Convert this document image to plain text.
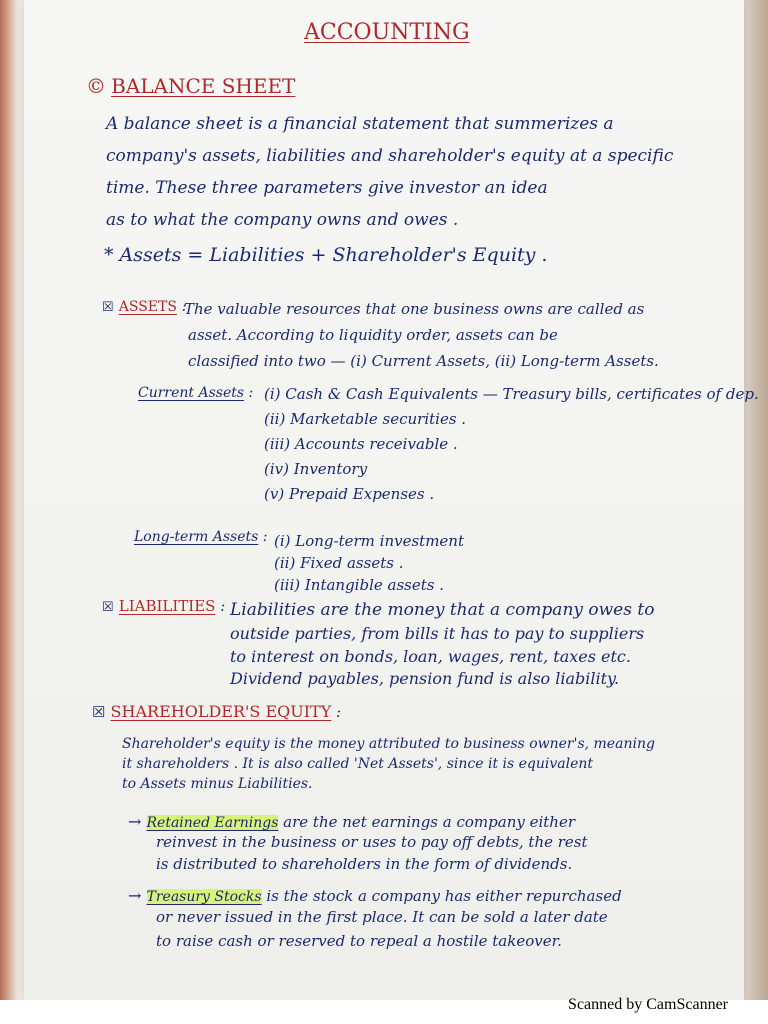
ACCOUNTING
© BALANCE SHEET
A balance sheet is a financial statement that summerizes a
company's assets, liabilities and shareholder's equity at a specific
time. These three parameters give investor an idea
as to what the company owns and owes .
* Assets = Liabilities + Shareholder's Equity .
☒ ASSETS :
The valuable resources that one business owns are called as
asset. According to liquidity order, assets can be
classified into two — (i) Current Assets, (ii) Long-term Assets.
Current Assets : (i) Cash & Cash Equivalents — Treasury bills, certificates of dep.
(ii) Marketable securities .
(iii) Accounts receivable .
(iv) Inventory
(v) Prepaid Expenses .
Long-term Assets : (i) Long-term investment
(ii) Fixed assets .
(iii) Intangible assets .
☒ LIABILITIES : Liabilities are the money that a company owes to
outside parties, from bills it has to pay to suppliers
to interest on bonds, loan, wages, rent, taxes etc.
Dividend payables, pension fund is also liability.
☒ SHAREHOLDER'S EQUITY :
Shareholder's equity is the money attributed to business owner's, meaning
it shareholders . It is also called 'Net Assets', since it is equivalent
to Assets minus Liabilities.
→ Retained Earnings are the net earnings a company either
reinvest in the business or uses to pay off debts, the rest
is distributed to shareholders in the form of dividends.
→ Treasury Stocks is the stock a company has either repurchased
or never issued in the first place. It can be sold a later date
to raise cash or reserved to repeal a hostile takeover.
Scanned by CamScanner
